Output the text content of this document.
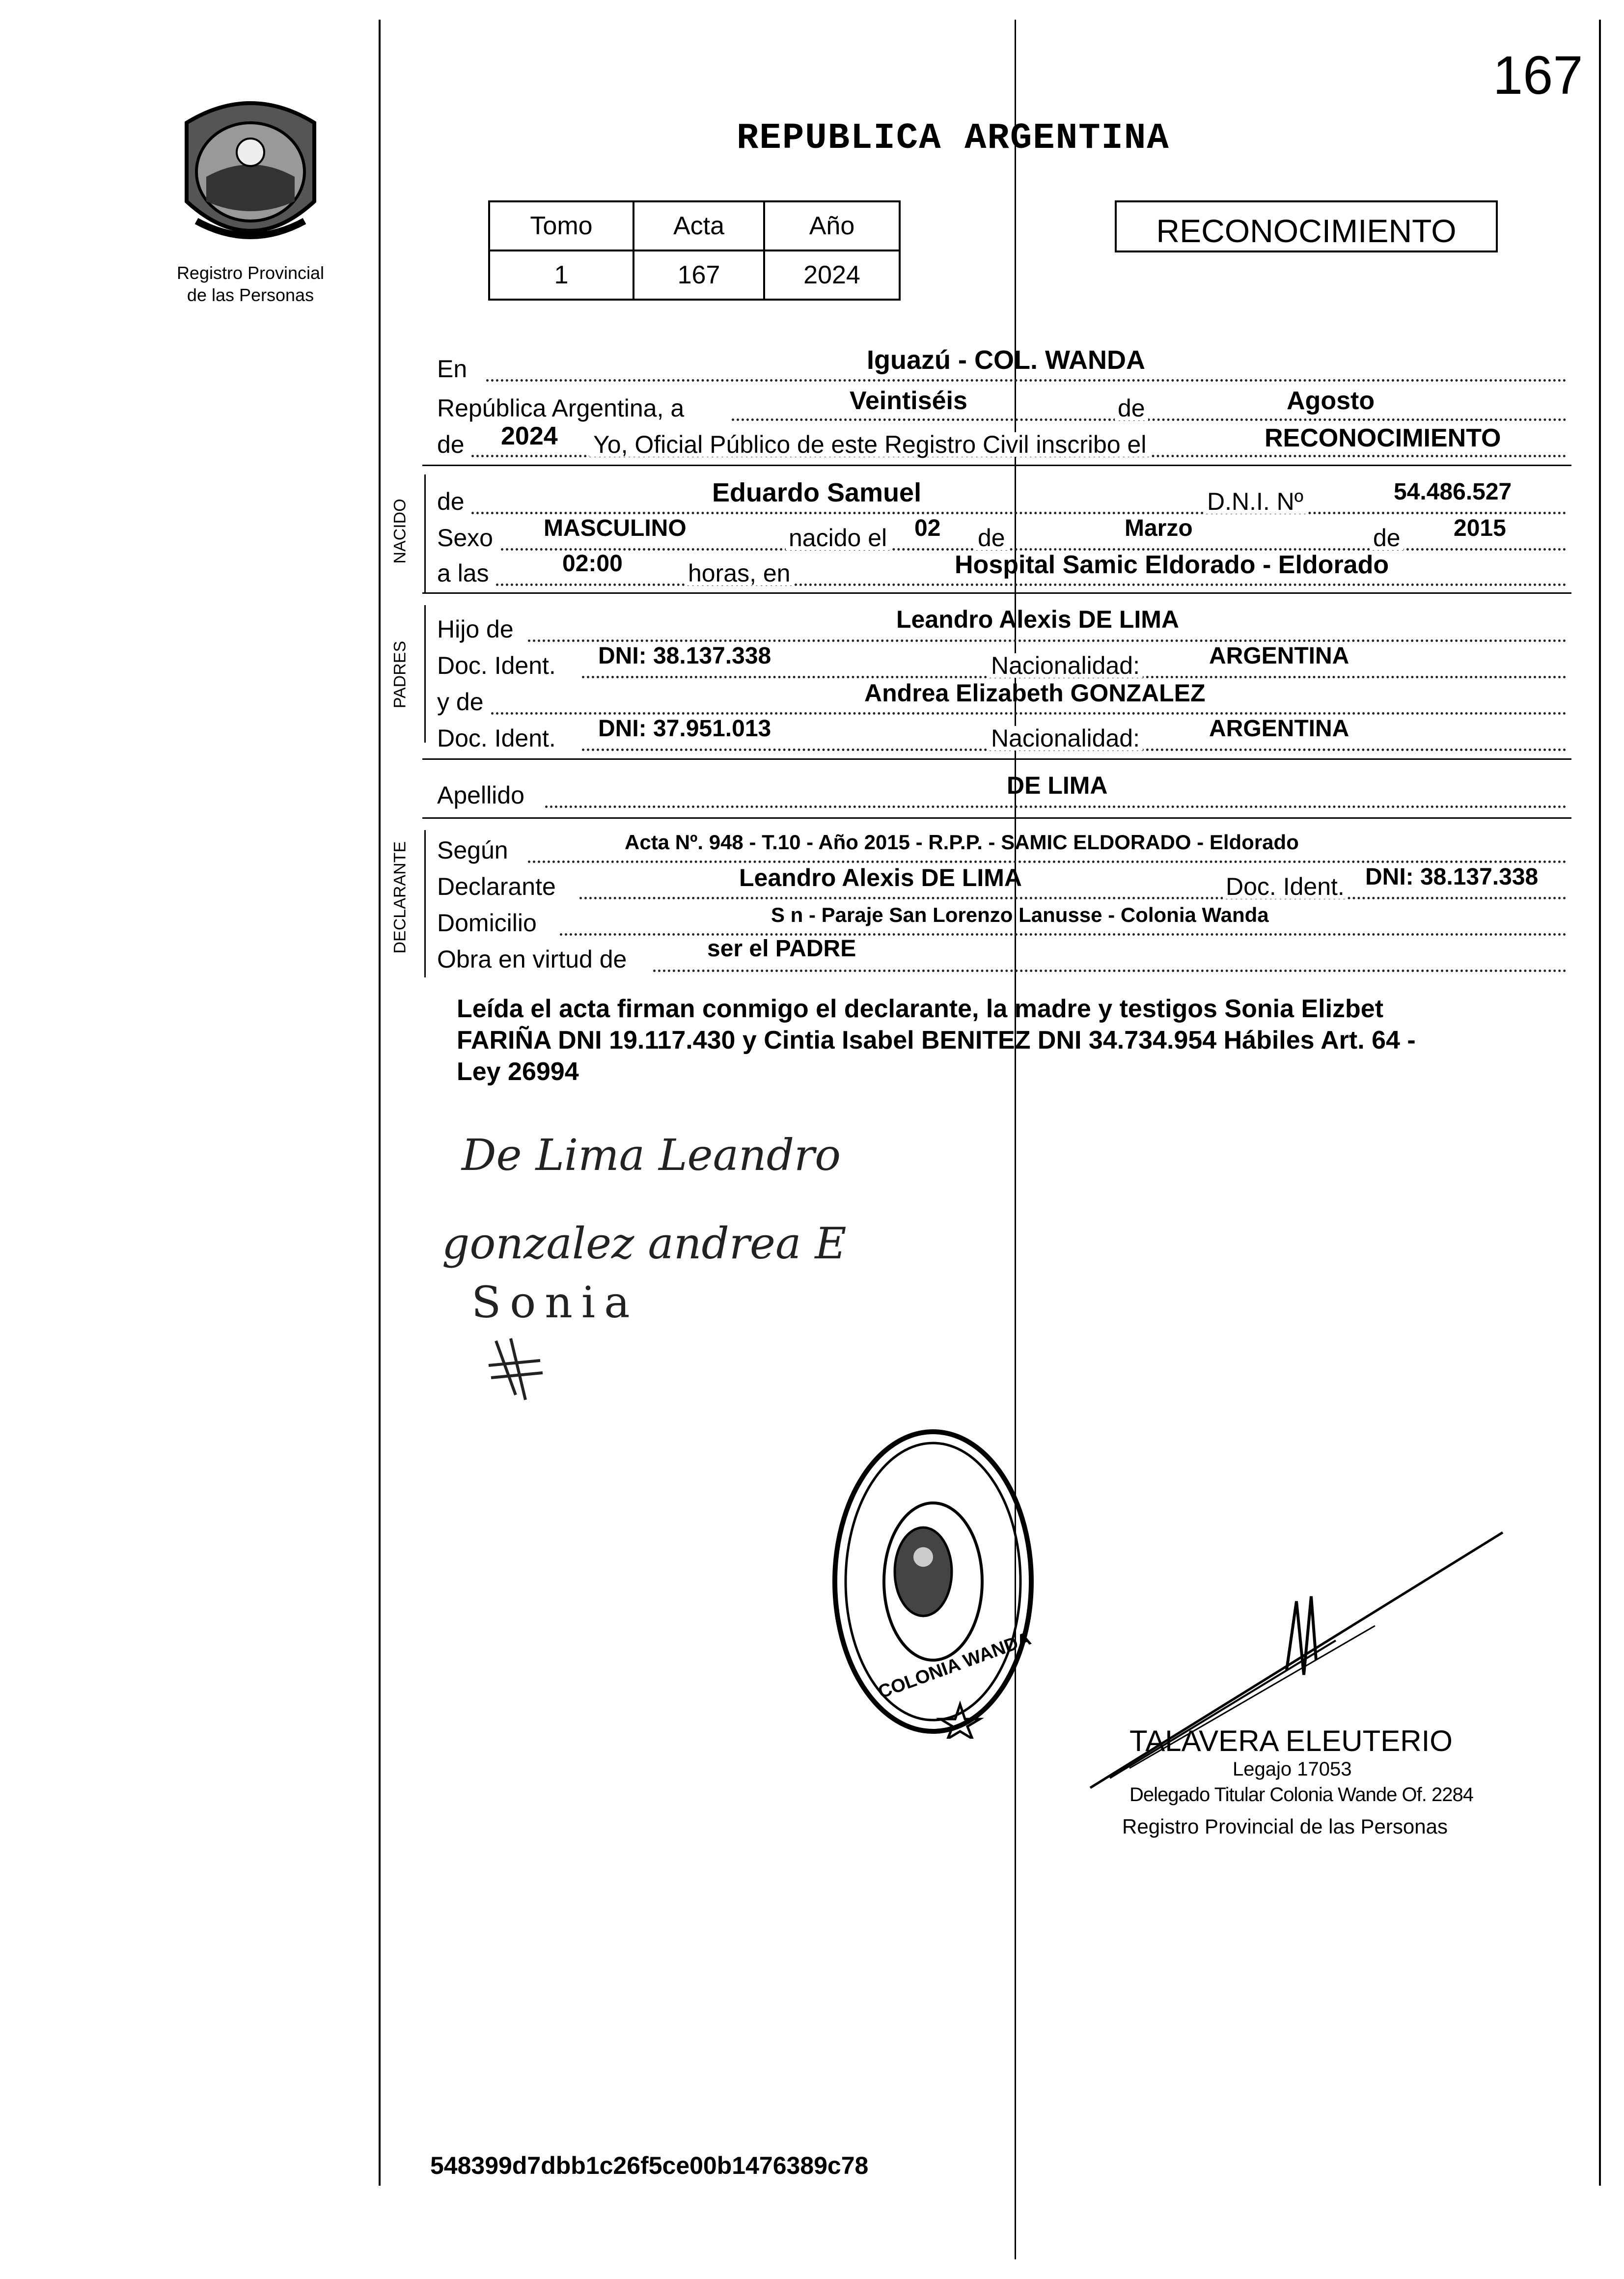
167
Registro Provincial
de las Personas
REPUBLICA ARGENTINA
Tomo	Acta	Año
1	167	2024
RECONOCIMIENTO
En	Iguazú - COL. WANDA
República Argentina, a	Veintiséis	de	Agosto
de 2024 Yo, Oficial Público de este Registro Civil inscribo el	RECONOCIMIENTO
NACIDO de	Eduardo Samuel	D.N.I. Nº	54.486.527
Sexo MASCULINO	nacido el 02 de	Marzo	de 2015
a las	02:00	horas, en	Hospital Samic Eldorado - Eldorado
PADRES
Hijo de	Leandro Alexis DE LIMA
Doc. Ident. DNI: 38.137.338	Nacionalidad:	ARGENTINA
y de	Andrea Elizabeth GONZALEZ
Doc. Ident. DNI: 37.951.013	Nacionalidad:	ARGENTINA
Apellido	DE LIMA
DECLARANTE Según	Acta Nº. 948 - T.10 - Año 2015 - R.P.P. - SAMIC ELDORADO - Eldorado
Declarante	Leandro Alexis DE LIMA	Doc. Ident. DNI: 38.137.338
Domicilio	S n - Paraje San Lorenzo Lanusse - Colonia Wanda
Obra en virtud de	ser el PADRE
Leída el acta firman conmigo el declarante, la madre y testigos Sonia Elizbet
FARIÑA DNI 19.117.430 y Cintia Isabel BENITEZ DNI 34.734.954 Hábiles Art. 64 -
Ley 26994
De Lima Leandro
gonzalez andrea E
Sonia
COLONIA WANDA
TALAVERA ELEUTERIO
Legajo 17053
Delegado Titular Colonia Wande Of. 2284
Registro Provincial de las Personas
548399d7dbb1c26f5ce00b1476389c78
